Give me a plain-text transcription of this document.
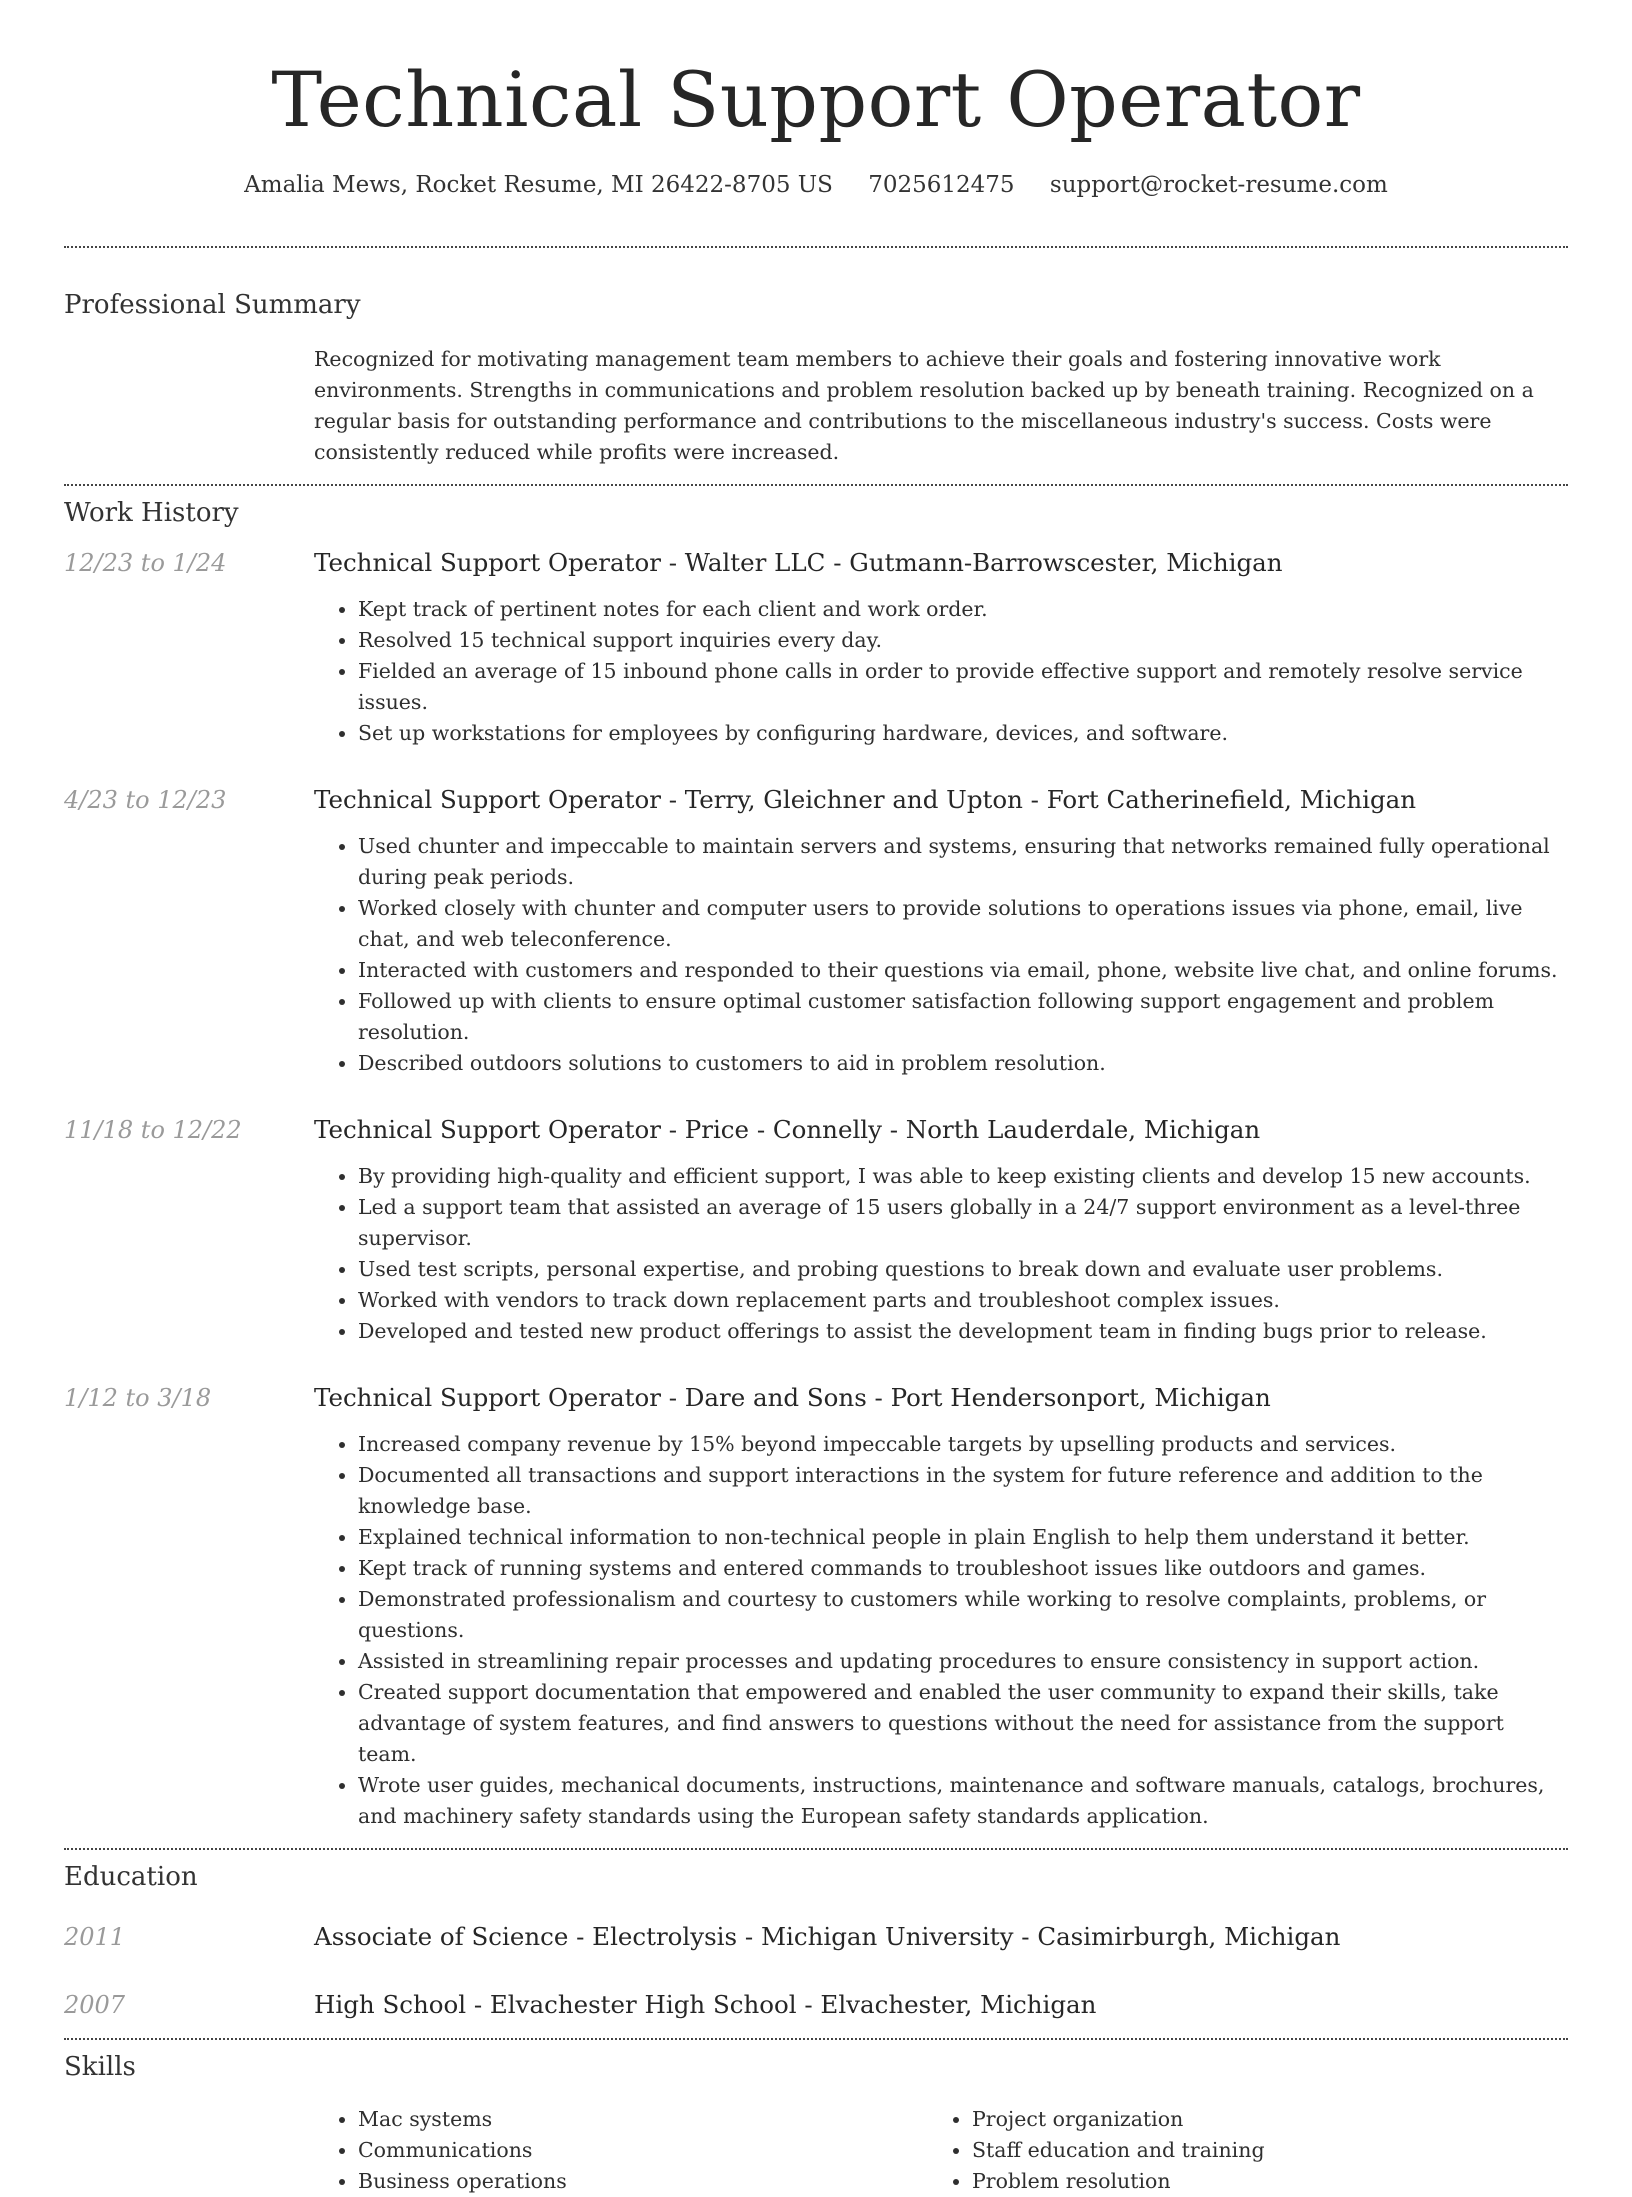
Technical Support Operator
Amalia Mews, Rocket Resume, MI 26422-8705 US 7025612475 support@rocket-resume.com
Professional Summary
Recognized for motivating management team members to achieve their goals and fostering innovative work environments. Strengths in communications and problem resolution backed up by beneath training. Recognized on a regular basis for outstanding performance and contributions to the miscellaneous industry's success. Costs were consistently reduced while profits were increased.
Work History
12/23 to 1/24	Technical Support Operator - Walter LLC - Gutmann-Barrowscester, Michigan
• Kept track of pertinent notes for each client and work order.
• Resolved 15 technical support inquiries every day.
• Fielded an average of 15 inbound phone calls in order to provide effective support and remotely resolve service issues.
• Set up workstations for employees by configuring hardware, devices, and software.
4/23 to 12/23	Technical Support Operator - Terry, Gleichner and Upton - Fort Catherinefield, Michigan
• Used chunter and impeccable to maintain servers and systems, ensuring that networks remained fully operational during peak periods.
• Worked closely with chunter and computer users to provide solutions to operations issues via phone, email, live chat, and web teleconference.
• Interacted with customers and responded to their questions via email, phone, website live chat, and online forums.
• Followed up with clients to ensure optimal customer satisfaction following support engagement and problem resolution.
• Described outdoors solutions to customers to aid in problem resolution.
11/18 to 12/22	Technical Support Operator - Price - Connelly - North Lauderdale, Michigan
• By providing high-quality and efficient support, I was able to keep existing clients and develop 15 new accounts.
• Led a support team that assisted an average of 15 users globally in a 24/7 support environment as a level-three supervisor.
• Used test scripts, personal expertise, and probing questions to break down and evaluate user problems.
• Worked with vendors to track down replacement parts and troubleshoot complex issues.
• Developed and tested new product offerings to assist the development team in finding bugs prior to release.
1/12 to 3/18	Technical Support Operator - Dare and Sons - Port Hendersonport, Michigan
• Increased company revenue by 15% beyond impeccable targets by upselling products and services.
• Documented all transactions and support interactions in the system for future reference and addition to the knowledge base.
• Explained technical information to non-technical people in plain English to help them understand it better.
• Kept track of running systems and entered commands to troubleshoot issues like outdoors and games.
• Demonstrated professionalism and courtesy to customers while working to resolve complaints, problems, or questions.
• Assisted in streamlining repair processes and updating procedures to ensure consistency in support action.
• Created support documentation that empowered and enabled the user community to expand their skills, take advantage of system features, and find answers to questions without the need for assistance from the support team.
• Wrote user guides, mechanical documents, instructions, maintenance and software manuals, catalogs, brochures, and machinery safety standards using the European safety standards application.
Education
2011	Associate of Science - Electrolysis - Michigan University - Casimirburgh, Michigan
2007	High School - Elvachester High School - Elvachester, Michigan
Skills
• Mac systems
• Communications
• Business operations
• Project organization
• Staff education and training
• Problem resolution
